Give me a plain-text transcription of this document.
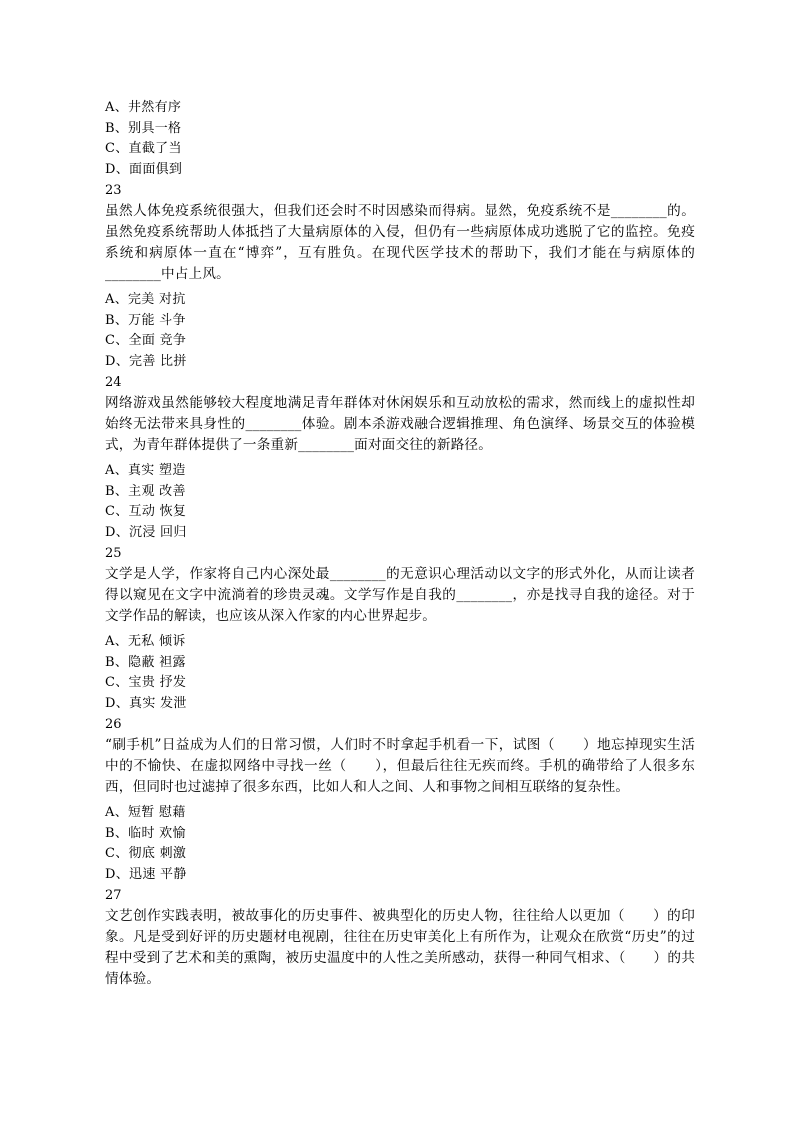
A、井然有序
B、别具一格
C、直截了当
D、面面俱到
23
虽然人体免疫系统很强大，但我们还会时不时因感染而得病。显然，免疫系统不是________的。虽然免疫系统帮助人体抵挡了大量病原体的入侵，但仍有一些病原体成功逃脱了它的监控。免疫系统和病原体一直在“博弈”，互有胜负。在现代医学技术的帮助下，我们才能在与病原体的________中占上风。
A、完美 对抗
B、万能 斗争
C、全面 竞争
D、完善 比拼
24
网络游戏虽然能够较大程度地满足青年群体对休闲娱乐和互动放松的需求，然而线上的虚拟性却始终无法带来具身性的________体验。剧本杀游戏融合逻辑推理、角色演绎、场景交互的体验模式，为青年群体提供了一条重新________面对面交往的新路径。
A、真实 塑造
B、主观 改善
C、互动 恢复
D、沉浸 回归
25
文学是人学，作家将自己内心深处最________的无意识心理活动以文字的形式外化，从而让读者得以窥见在文字中流淌着的珍贵灵魂。文学写作是自我的________，亦是找寻自我的途径。对于文学作品的解读，也应该从深入作家的内心世界起步。
A、无私 倾诉
B、隐蔽 袒露
C、宝贵 抒发
D、真实 发泄
26
“刷手机”日益成为人们的日常习惯，人们时不时拿起手机看一下，试图（　　）地忘掉现实生活中的不愉快、在虚拟网络中寻找一丝（　　），但最后往往无疾而终。手机的确带给了人很多东西，但同时也过滤掉了很多东西，比如人和人之间、人和事物之间相互联络的复杂性。
A、短暂 慰藉
B、临时 欢愉
C、彻底 刺激
D、迅速 平静
27
文艺创作实践表明，被故事化的历史事件、被典型化的历史人物，往往给人以更加（　　）的印象。凡是受到好评的历史题材电视剧，往往在历史审美化上有所作为，让观众在欣赏“历史”的过程中受到了艺术和美的熏陶，被历史温度中的人性之美所感动，获得一种同气相求、（　　）的共情体验。
